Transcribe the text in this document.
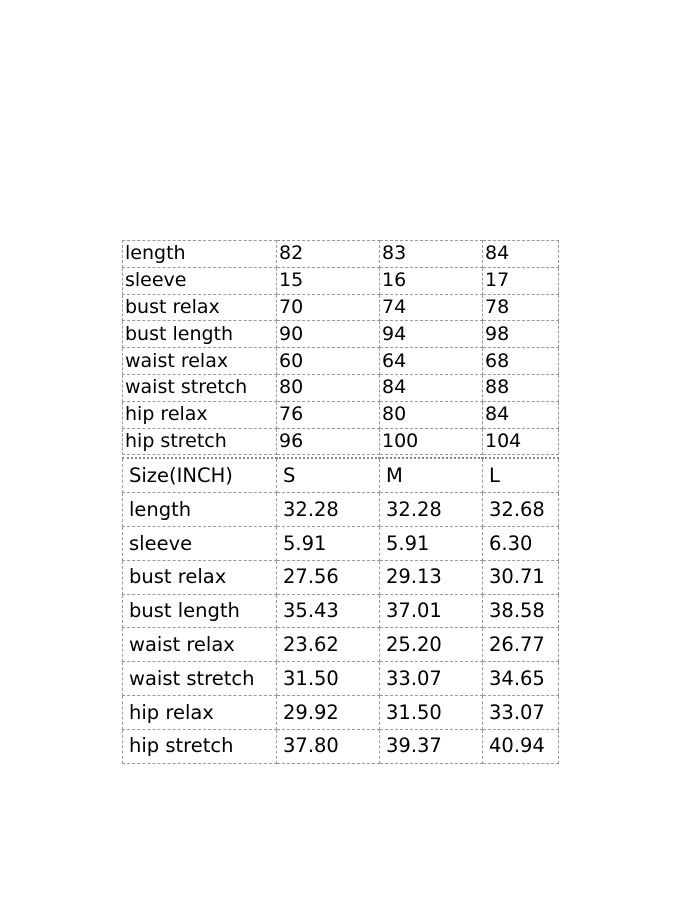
length	82	83	84
sleeve	15	16	17
bust relax	70	74	78
bust length	90	94	98
waist relax	60	64	68
waist stretch	80	84	88
hip relax	76	80	84
hip stretch	96	100	104
Size(INCH)	S	M	L
length	32.28	32.28	32.68
sleeve	5.91	5.91	6.30
bust relax	27.56	29.13	30.71
bust length	35.43	37.01	38.58
waist relax	23.62	25.20	26.77
waist stretch	31.50	33.07	34.65
hip relax	29.92	31.50	33.07
hip stretch	37.80	39.37	40.94
